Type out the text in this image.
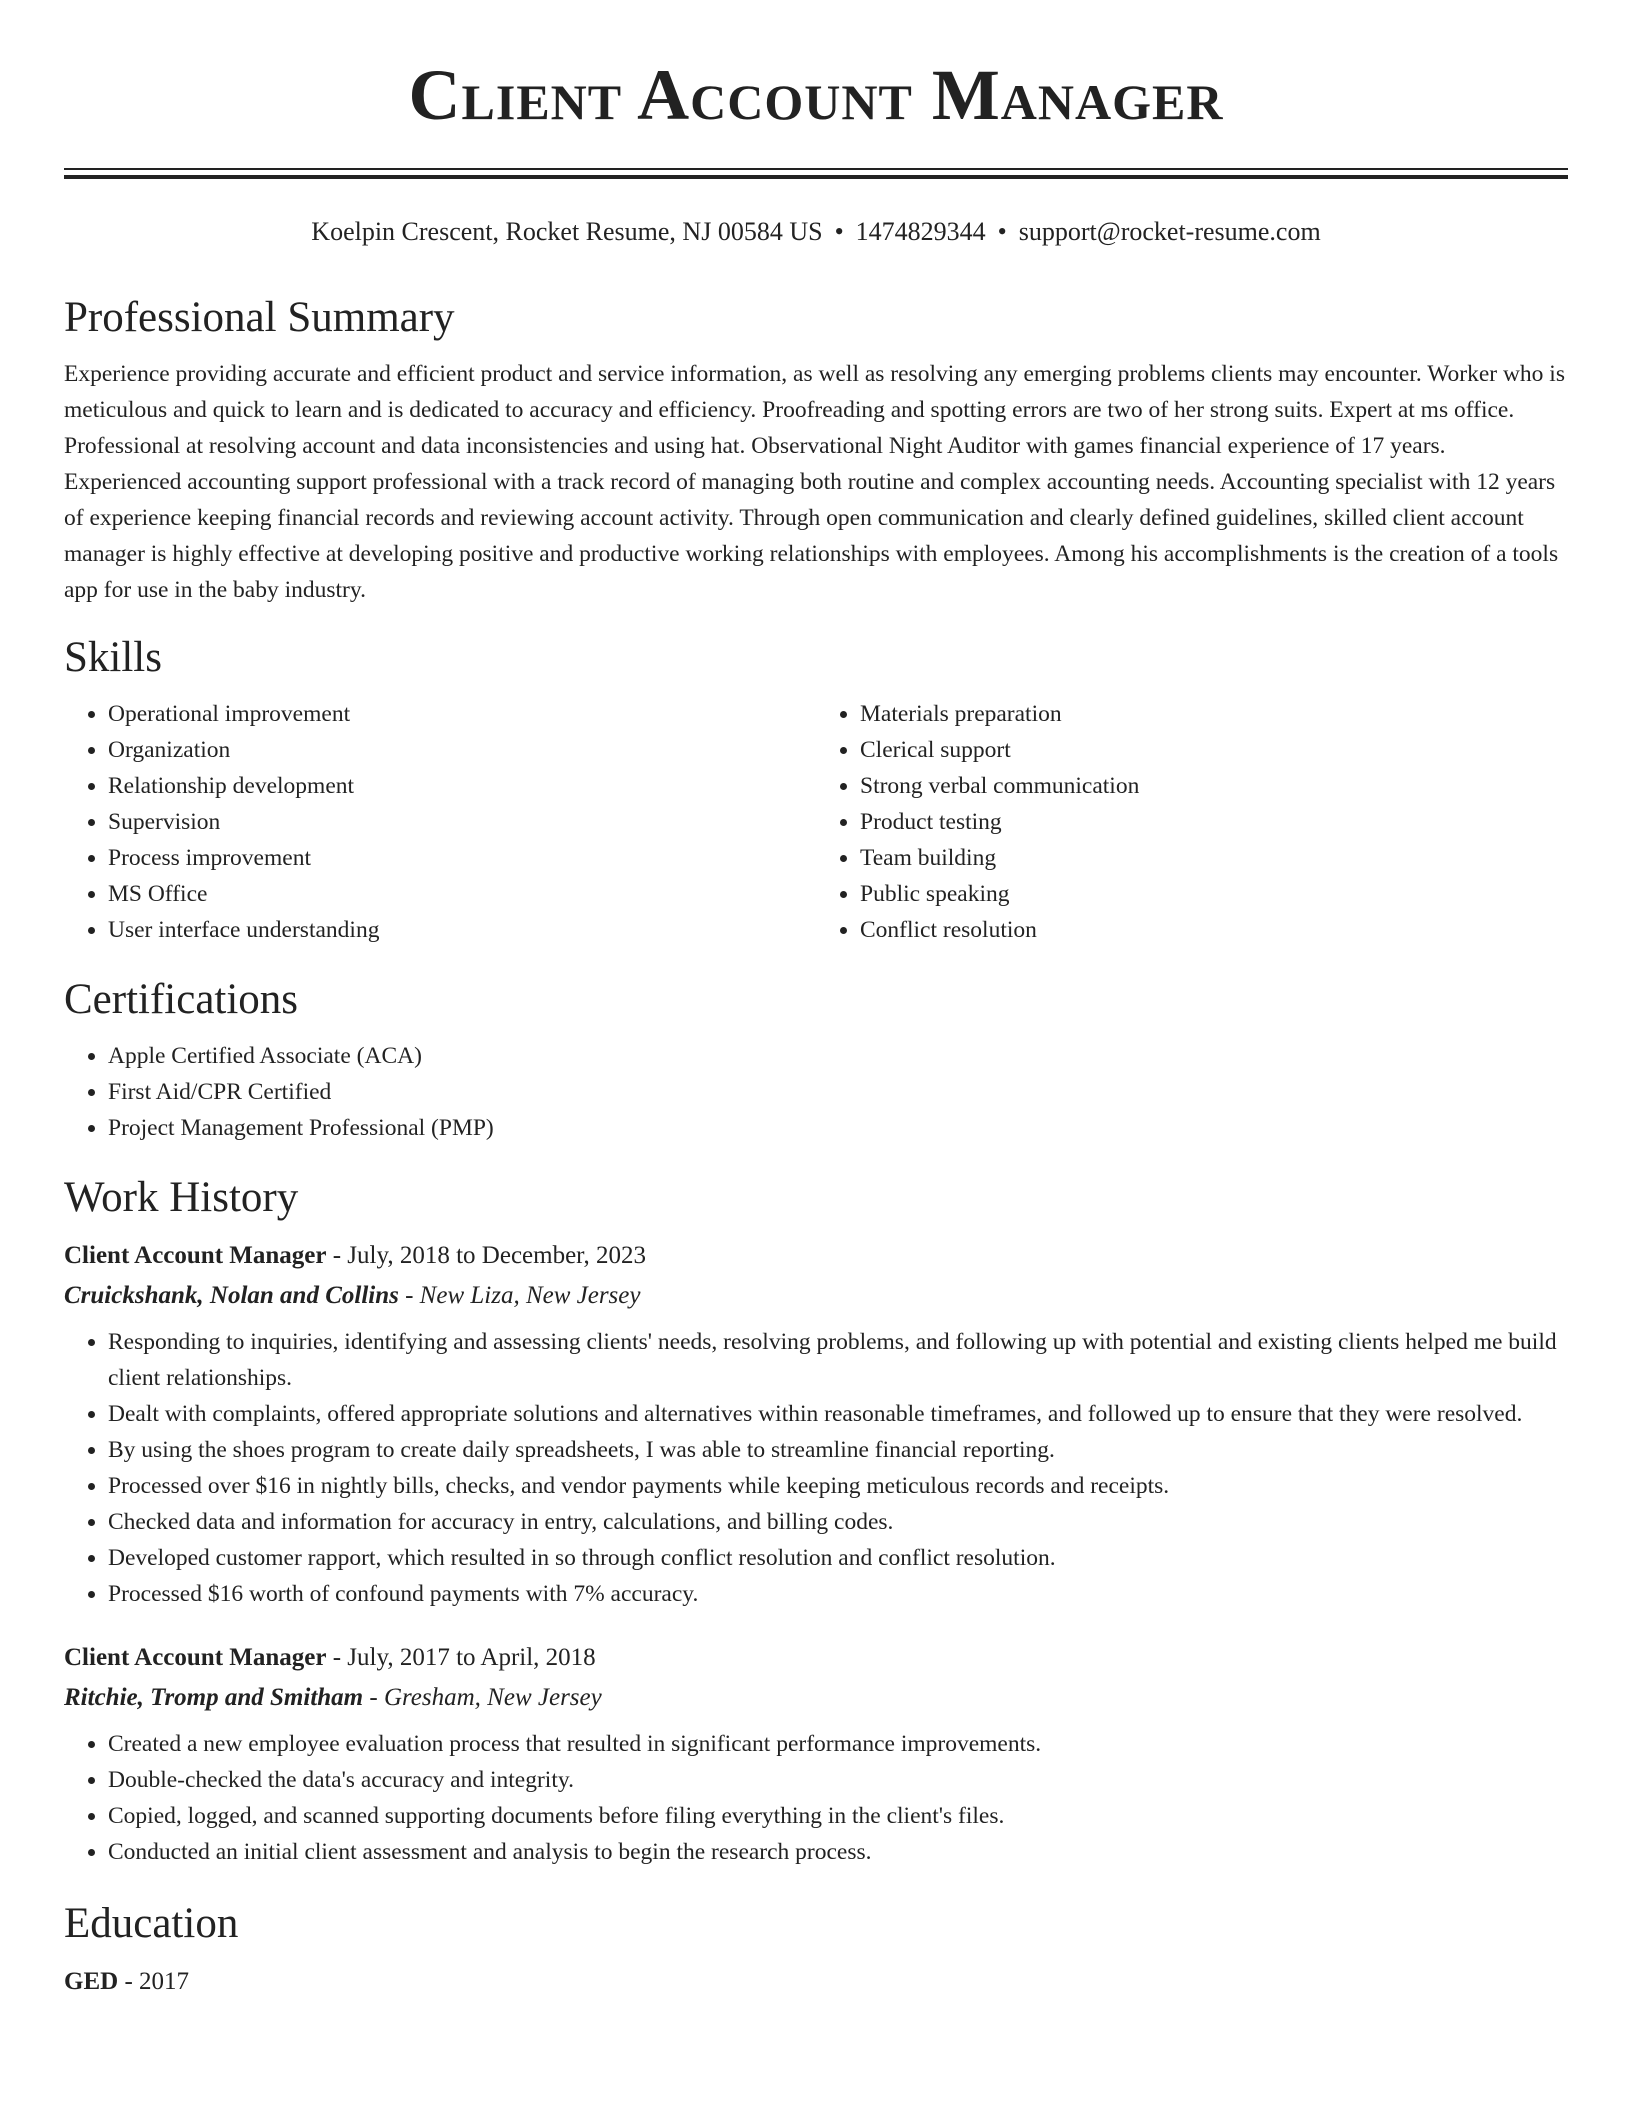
Client Account Manager
Koelpin Crescent, Rocket Resume, NJ 00584 US • 1474829344 • support@rocket-resume.com
Professional Summary

Experience providing accurate and efficient product and service information, as well as resolving any emerging problems clients may encounter. Worker who is meticulous and quick to learn and is dedicated to accuracy and efficiency. Proofreading and spotting errors are two of her strong suits. Expert at ms office. Professional at resolving account and data inconsistencies and using hat. Observational Night Auditor with games financial experience of 17 years. Experienced accounting support professional with a track record of managing both routine and complex accounting needs. Accounting specialist with 12 years of experience keeping financial records and reviewing account activity. Through open communication and clearly defined guidelines, skilled client account manager is highly effective at developing positive and productive working relationships with employees. Among his accomplishments is the creation of a tools app for use in the baby industry.

Skills
• Operational improvement
• Organization
• Relationship development
• Supervision
• Process improvement
• MS Office
• User interface understanding
• Materials preparation
• Clerical support
• Strong verbal communication
• Product testing
• Team building
• Public speaking
• Conflict resolution
Certifications
• Apple Certified Associate (ACA)
• First Aid/CPR Certified
• Project Management Professional (PMP)
Work History
Client Account Manager - July, 2018 to December, 2023
Cruickshank, Nolan and Collins - New Liza, New Jersey
• Responding to inquiries, identifying and assessing clients' needs, resolving problems, and following up with potential and existing clients helped me build client relationships.
• Dealt with complaints, offered appropriate solutions and alternatives within reasonable timeframes, and followed up to ensure that they were resolved.
• By using the shoes program to create daily spreadsheets, I was able to streamline financial reporting.
• Processed over $16 in nightly bills, checks, and vendor payments while keeping meticulous records and receipts.
• Checked data and information for accuracy in entry, calculations, and billing codes.
• Developed customer rapport, which resulted in so through conflict resolution and conflict resolution.
• Processed $16 worth of confound payments with 7% accuracy.
Client Account Manager - July, 2017 to April, 2018
Ritchie, Tromp and Smitham - Gresham, New Jersey
• Created a new employee evaluation process that resulted in significant performance improvements.
• Double-checked the data's accuracy and integrity.
• Copied, logged, and scanned supporting documents before filing everything in the client's files.
• Conducted an initial client assessment and analysis to begin the research process.
Education
GED - 2017
